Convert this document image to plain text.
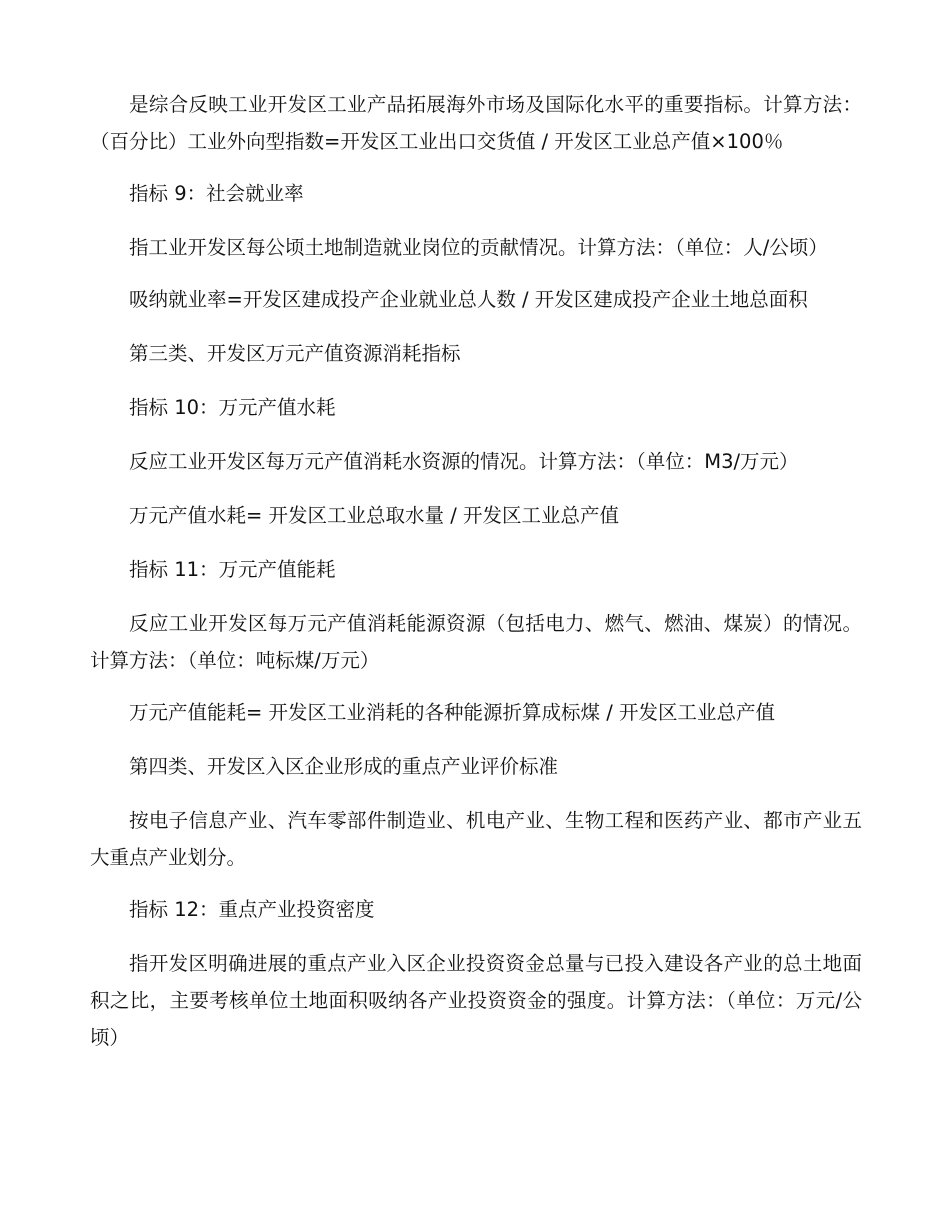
是综合反映工业开发区工业产品拓展海外市场及国际化水平的重要指标。计算方法：（百分比）工业外向型指数=开发区工业出口交货值 / 开发区工业总产值×100％

指标 9：社会就业率

指工业开发区每公顷土地制造就业岗位的贡献情况。计算方法：（单位：人/公顷）

吸纳就业率=开发区建成投产企业就业总人数 / 开发区建成投产企业土地总面积

第三类、开发区万元产值资源消耗指标

指标 10：万元产值水耗

反应工业开发区每万元产值消耗水资源的情况。计算方法：（单位：M3/万元）

万元产值水耗= 开发区工业总取水量 / 开发区工业总产值

指标 11：万元产值能耗

反应工业开发区每万元产值消耗能源资源（包括电力、燃气、燃油、煤炭）的情况。计算方法：（单位：吨标煤/万元）

万元产值能耗= 开发区工业消耗的各种能源折算成标煤 / 开发区工业总产值

第四类、开发区入区企业形成的重点产业评价标准

按电子信息产业、汽车零部件制造业、机电产业、生物工程和医药产业、都市产业五大重点产业划分。

指标 12：重点产业投资密度

指开发区明确进展的重点产业入区企业投资资金总量与已投入建设各产业的总土地面积之比，主要考核单位土地面积吸纳各产业投资资金的强度。计算方法：（单位：万元/公顷）
